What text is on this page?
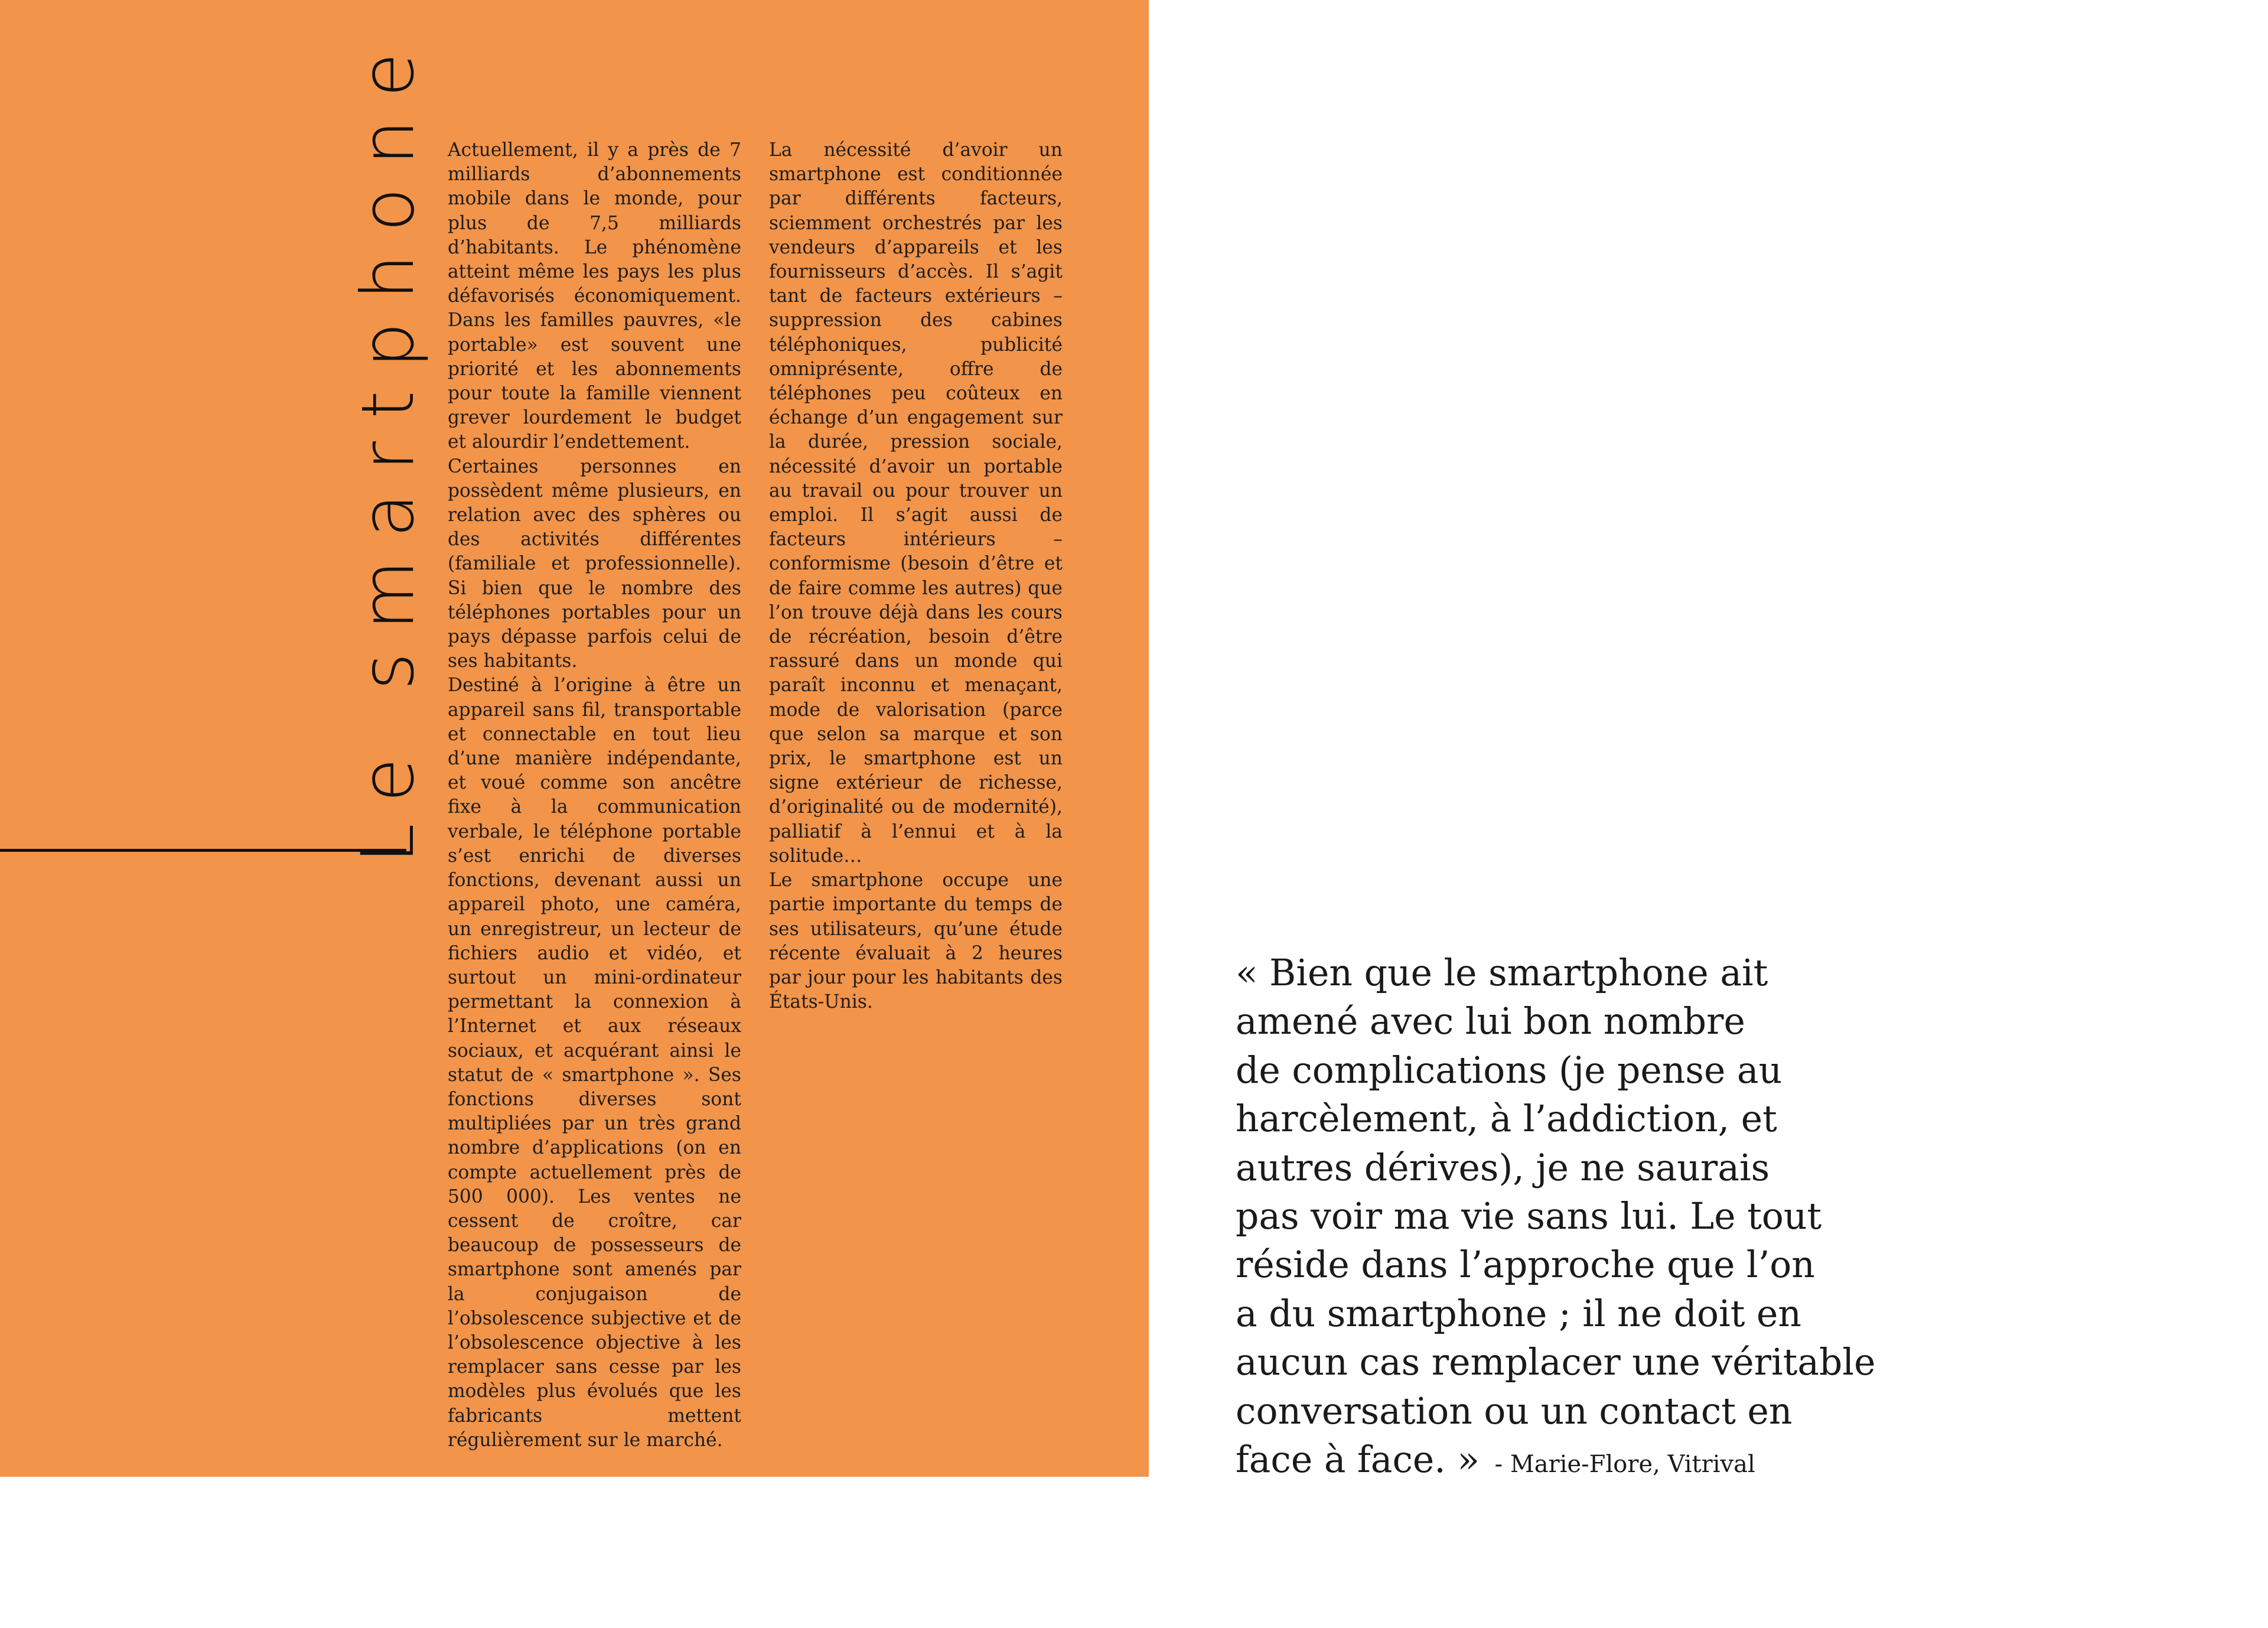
Le smartphone Actuellement, il y a près de 7 milliards d’abonnements mobile dans le monde, pour plus de 7,5 milliards d’habitants. Le phénomène atteint même les pays les plus défavorisés économiquement. Dans les familles pauvres, «le portable» est souvent une priorité et les abonnements pour toute la famille viennent grever lourdement le budget et alourdir l’endettement.

Certaines personnes en possèdent même plusieurs, en relation avec des sphères ou des activités différentes (familiale et professionnelle). Si bien que le nombre des téléphones portables pour un pays dépasse parfois celui de ses habitants.

Destiné à l’origine à être un appareil sans fil, transportable et connectable en tout lieu d’une manière indépendante, et voué comme son ancêtre fixe à la communication verbale, le téléphone portable s’est enrichi de diverses fonctions, devenant aussi un appareil photo, une caméra, un enregistreur, un lecteur de fichiers audio et vidéo, et surtout un mini-ordinateur permettant la connexion à l’Internet et aux réseaux sociaux, et acquérant ainsi le statut de « smartphone ». Ses fonctions diverses sont multipliées par un très grand nombre d’applications (on en compte actuellement près de 500 000). Les ventes ne cessent de croître, car beaucoup de possesseurs de smartphone sont amenés par la conjugaison de l’obsolescence subjective et de l’obsolescence objective à les remplacer sans cesse par les modèles plus évolués que les fabricants mettent régulièrement sur le marché.

La nécessité d’avoir un smartphone est conditionnée par différents facteurs, sciemment orchestrés par les vendeurs d’appareils et les fournisseurs d’accès. Il s’agit tant de facteurs extérieurs – suppression des cabines téléphoniques, publicité omniprésente, offre de téléphones peu coûteux en échange d’un engagement sur la durée, pression sociale, nécessité d’avoir un portable au travail ou pour trouver un emploi. Il s’agit aussi de facteurs intérieurs – conformisme (besoin d’être et de faire comme les autres) que l’on trouve déjà dans les cours de récréation, besoin d’être rassuré dans un monde qui paraît inconnu et menaçant, mode de valorisation (parce que selon sa marque et son prix, le smartphone est un signe extérieur de richesse, d’originalité ou de modernité), palliatif à l’ennui et à la solitude…

Le smartphone occupe une partie importante du temps de ses utilisateurs, qu’une étude récente évaluait à 2 heures par jour pour les habitants des États-Unis.

« Bien que le smartphone ait
amené avec lui bon nombre
de complications (je pense au
harcèlement, à l’addiction, et
autres dérives), je ne saurais
pas voir ma vie sans lui. Le tout
réside dans l’approche que l’on
a du smartphone ; il ne doit en
aucun cas remplacer une véritable
conversation ou un contact en
face à face. » - Marie-Flore, Vitrival
